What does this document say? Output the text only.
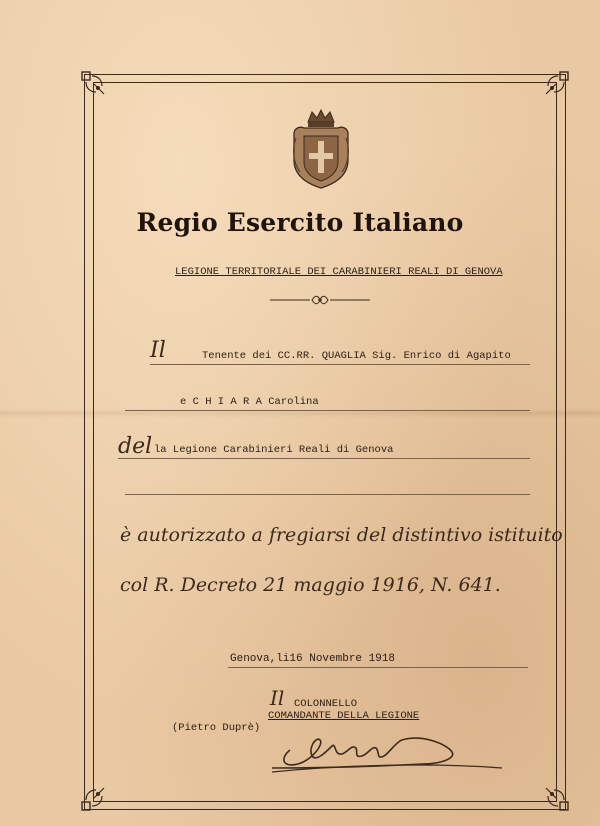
Regio Esercito Italiano
LEGIONE TERRITORIALE DEI CARABINIERI REALI DI GENOVA
Il	Tenente dei CC.RR. QUAGLIA Sig. Enrico di Agapito
e C H I A R A Carolina
del la Legione Carabinieri Reali di Genova
è autorizzato a fregiarsi del distintivo istituito
col R. Decreto 21 maggio 1916, N. 641.
Genova,li16 Novembre 1918
Il COLONNELLO
COMANDANTE DELLA LEGIONE
(Pietro Duprè)
